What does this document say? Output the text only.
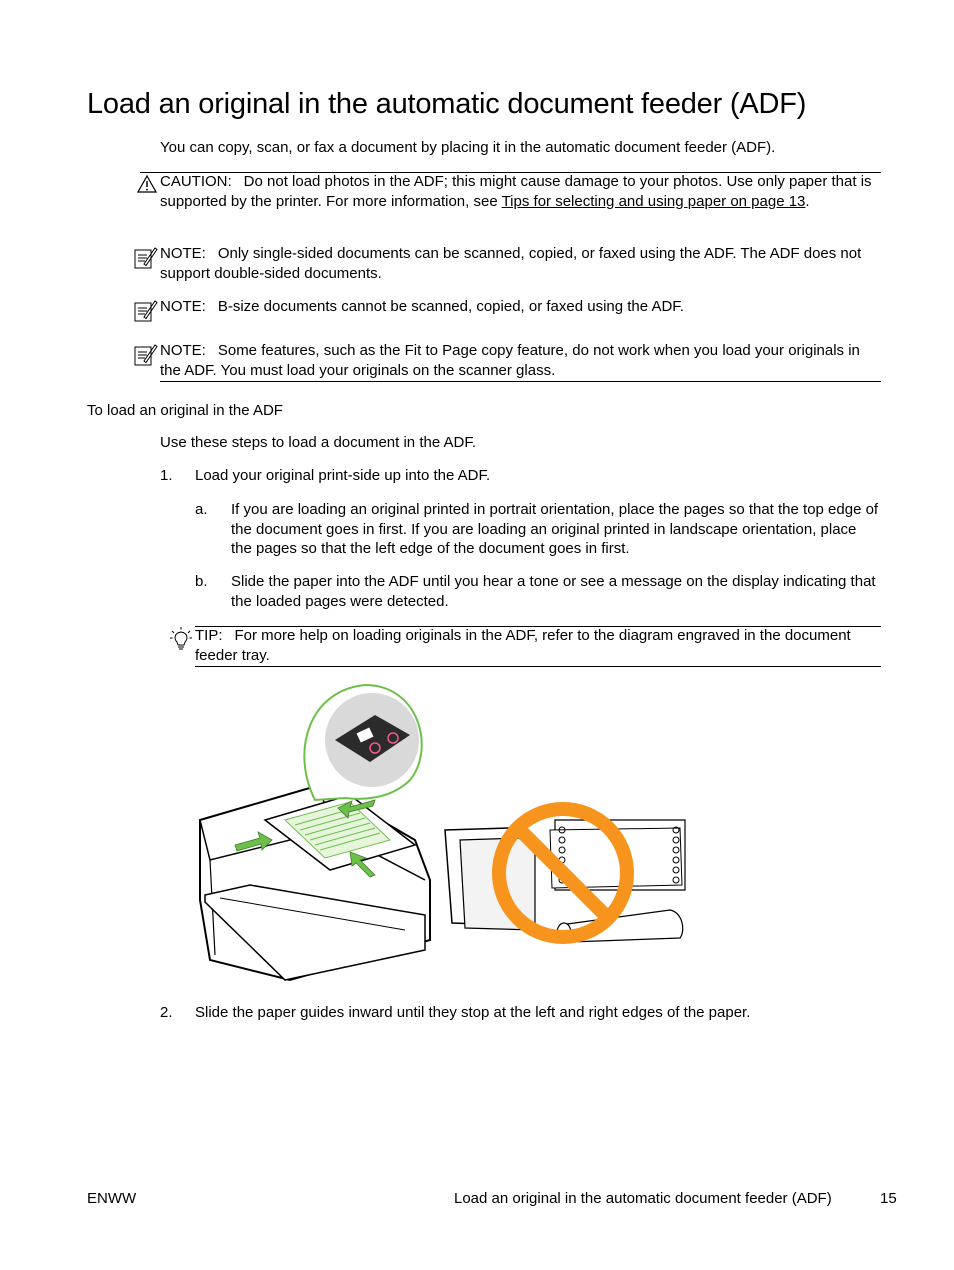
Load an original in the automatic document feeder (ADF)
You can copy, scan, or fax a document by placing it in the automatic document feeder (ADF).
CAUTION: Do not load photos in the ADF; this might cause damage to your photos. Use only paper that is supported by the printer. For more information, see Tips for selecting and using paper on page 13.
NOTE: Only single-sided documents can be scanned, copied, or faxed using the ADF. The ADF does not support double-sided documents.
NOTE: B-size documents cannot be scanned, copied, or faxed using the ADF.
NOTE: Some features, such as the Fit to Page copy feature, do not work when you load your originals in the ADF. You must load your originals on the scanner glass.
To load an original in the ADF
Use these steps to load a document in the ADF.
1. Load your original print-side up into the ADF.
a. If you are loading an original printed in portrait orientation, place the pages so that the top edge of the document goes in first. If you are loading an original printed in landscape orientation, place the pages so that the left edge of the document goes in first.
b. Slide the paper into the ADF until you hear a tone or see a message on the display indicating that the loaded pages were detected.
TIP: For more help on loading originals in the ADF, refer to the diagram engraved in the document feeder tray.
2. Slide the paper guides inward until they stop at the left and right edges of the paper.
ENWW	Load an original in the automatic document feeder (ADF)	15
